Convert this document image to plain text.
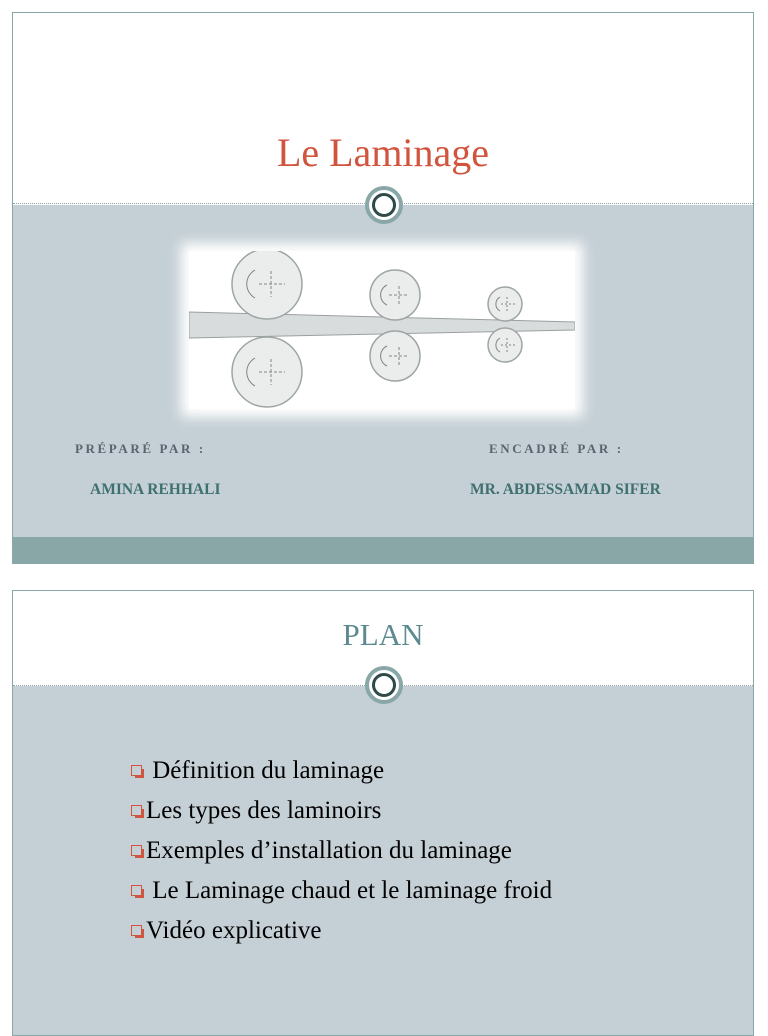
Le Laminage
PRÉPARÉ PAR :	ENCADRÉ PAR :
AMINA REHHALI	MR. ABDESSAMAD SIFER
PLAN
Définition du laminage
Les types des laminoirs
Exemples d’installation du laminage
Le Laminage chaud et le laminage froid
Vidéo explicative
